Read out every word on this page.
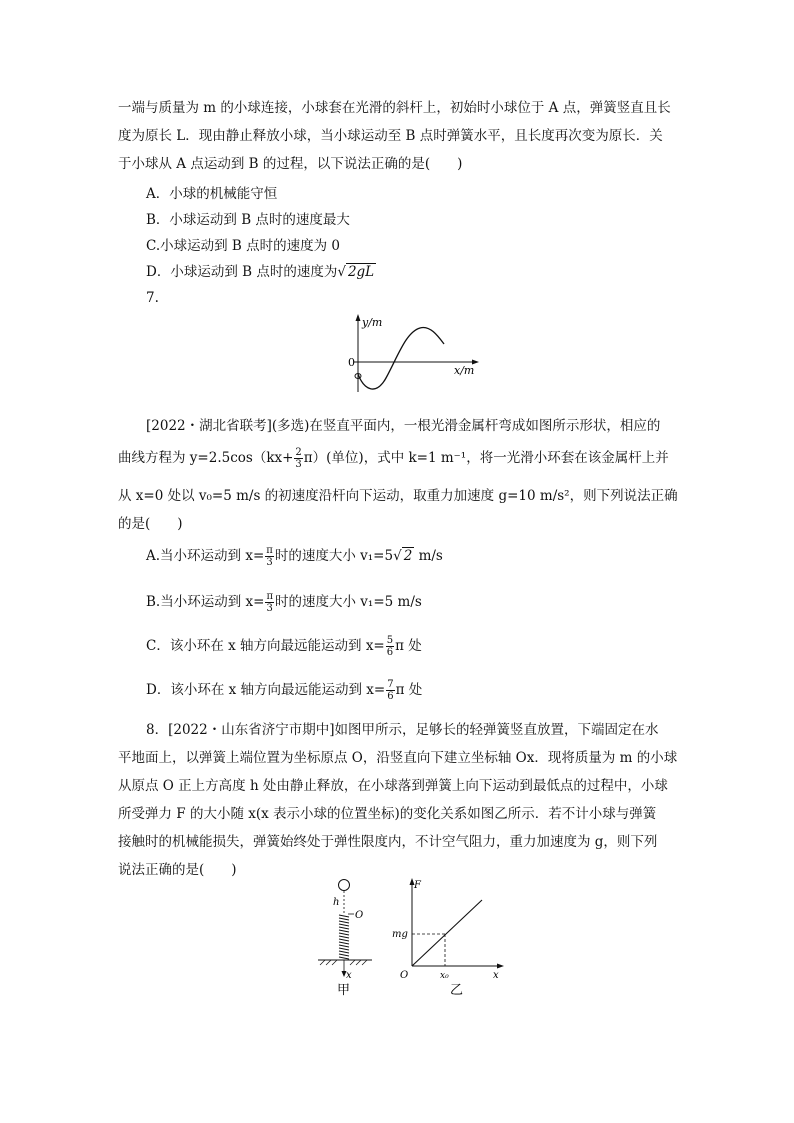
一端与质量为 m 的小球连接，小球套在光滑的斜杆上，初始时小球位于 A 点，弹簧竖直且长
度为原长 L．现由静止释放小球，当小球运动至 B 点时弹簧水平，且长度再次变为原长．关
于小球从 A 点运动到 B 的过程，以下说法正确的是(　　)
A．小球的机械能守恒
B．小球运动到 B 点时的速度最大
C.小球运动到 B 点时的速度为 0
D．小球运动到 B 点时的速度为√ 2gL
7.
y/m
x/m
0
[2022・湖北省联考](多选)在竖直平面内，一根光滑金属杆弯成如图所示形状，相应的
曲线方程为 $y=2.5\cos(kx+ \frac{2}{3} \pi)$(单位)，式中 k=1 m⁻¹，将一光滑小环套在该金属杆上并
从 x=0 处以 v₀=5 m/s 的初速度沿杆向下运动，取重力加速度 g=10 m/s²，则下列说法正确
的是(　　)
A.当小环运动到 $x= \frac{\pi}{3}$ 时的速度大小 v₁=5√ 2 m/s
B.当小环运动到 $x= \frac{\pi}{3}$ 时的速度大小 v₁=5 m/s
C．该小环在 x 轴方向最远能运动到 $x= \frac{5}{6}$ π 处
D．该小环在 x 轴方向最远能运动到 $x= \frac{7}{6}$ π 处
8．[2022・山东省济宁市期中]如图甲所示，足够长的轻弹簧竖直放置，下端固定在水
平地面上，以弹簧上端位置为坐标原点 O，沿竖直向下建立坐标轴 Ox．现将质量为 m 的小球
从原点 O 正上方高度 h 处由静止释放，在小球落到弹簧上向下运动到最低点的过程中，小球
所受弹力 F 的大小随 x(x 表示小球的位置坐标)的变化关系如图乙所示．若不计小球与弹簧
接触时的机械能损失，弹簧始终处于弹性限度内，不计空气阻力，重力加速度为 g，则下列
说法正确的是(　　)
h
O
x
甲
F
x
O
mg
x₀
乙
